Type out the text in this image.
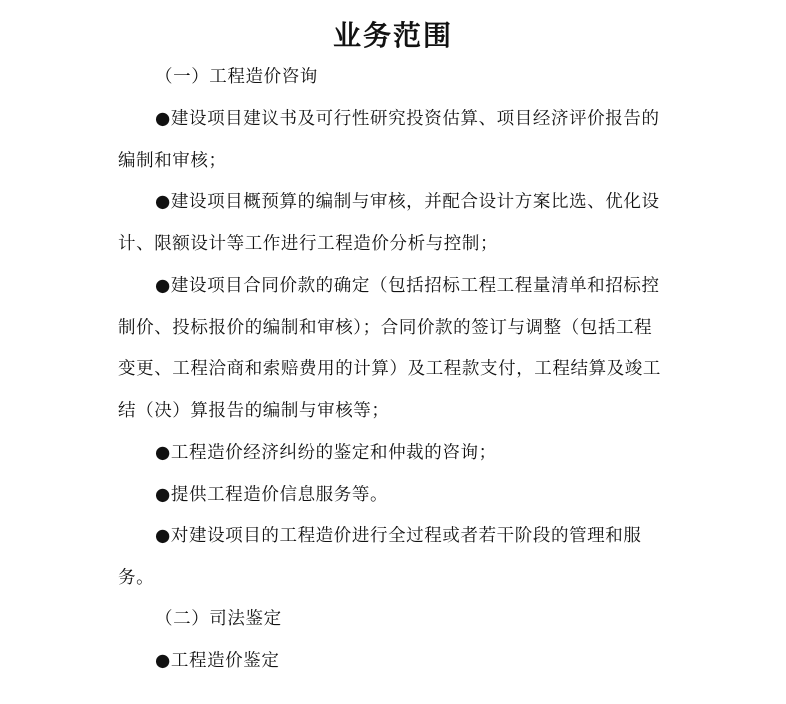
业务范围
（一）工程造价咨询
●建设项目建议书及可行性研究投资估算、项目经济评价报告的
编制和审核；
●建设项目概预算的编制与审核，并配合设计方案比选、优化设
计、限额设计等工作进行工程造价分析与控制；
●建设项目合同价款的确定（包括招标工程工程量清单和招标控
制价、投标报价的编制和审核）；合同价款的签订与调整（包括工程
变更、工程洽商和索赔费用的计算）及工程款支付，工程结算及竣工
结（决）算报告的编制与审核等；
●工程造价经济纠纷的鉴定和仲裁的咨询；
●提供工程造价信息服务等。
●对建设项目的工程造价进行全过程或者若干阶段的管理和服
务。
（二）司法鉴定
●工程造价鉴定
